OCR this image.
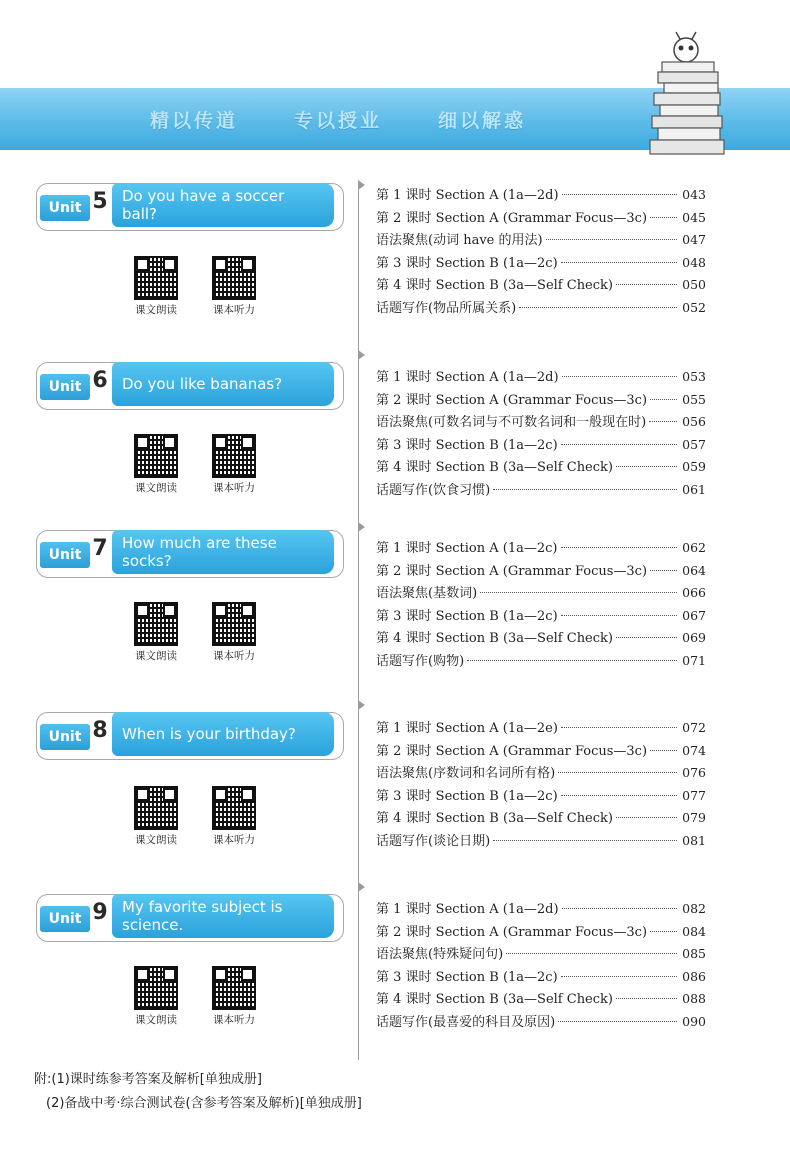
精以传道	专以授业	细以解惑
Unit 5 Do you have a soccer ball?
课文朗读	课本听力
第 1 课时 Section A (1a—2d)	043
第 2 课时 Section A (Grammar Focus—3c)	045
语法聚焦(动词 have 的用法)	047
第 3 课时 Section B (1a—2c)	048
第 4 课时 Section B (3a—Self Check)	050
话题写作(物品所属关系)	052
Unit 6 Do you like bananas?
课文朗读	课本听力
第 1 课时 Section A (1a—2d)	053
第 2 课时 Section A (Grammar Focus—3c)	055
语法聚焦(可数名词与不可数名词和一般现在时)	056
第 3 课时 Section B (1a—2c)	057
第 4 课时 Section B (3a—Self Check)	059
话题写作(饮食习惯)	061
Unit 7 How much are these socks?
课文朗读	课本听力
第 1 课时 Section A (1a—2c)	062
第 2 课时 Section A (Grammar Focus—3c)	064
语法聚焦(基数词)	066
第 3 课时 Section B (1a—2c)	067
第 4 课时 Section B (3a—Self Check)	069
话题写作(购物)	071
Unit 8 When is your birthday?
课文朗读	课本听力
第 1 课时 Section A (1a—2e)	072
第 2 课时 Section A (Grammar Focus—3c)	074
语法聚焦(序数词和名词所有格)	076
第 3 课时 Section B (1a—2c)	077
第 4 课时 Section B (3a—Self Check)	079
话题写作(谈论日期)	081
Unit 9 My favorite subject is science.
课文朗读	课本听力
第 1 课时 Section A (1a—2d)	082
第 2 课时 Section A (Grammar Focus—3c)	084
语法聚焦(特殊疑问句)	085
第 3 课时 Section B (1a—2c)	086
第 4 课时 Section B (3a—Self Check)	088
话题写作(最喜爱的科目及原因)	090
附:(1)课时练参考答案及解析[单独成册]
(2)备战中考·综合测试卷(含参考答案及解析)[单独成册]
